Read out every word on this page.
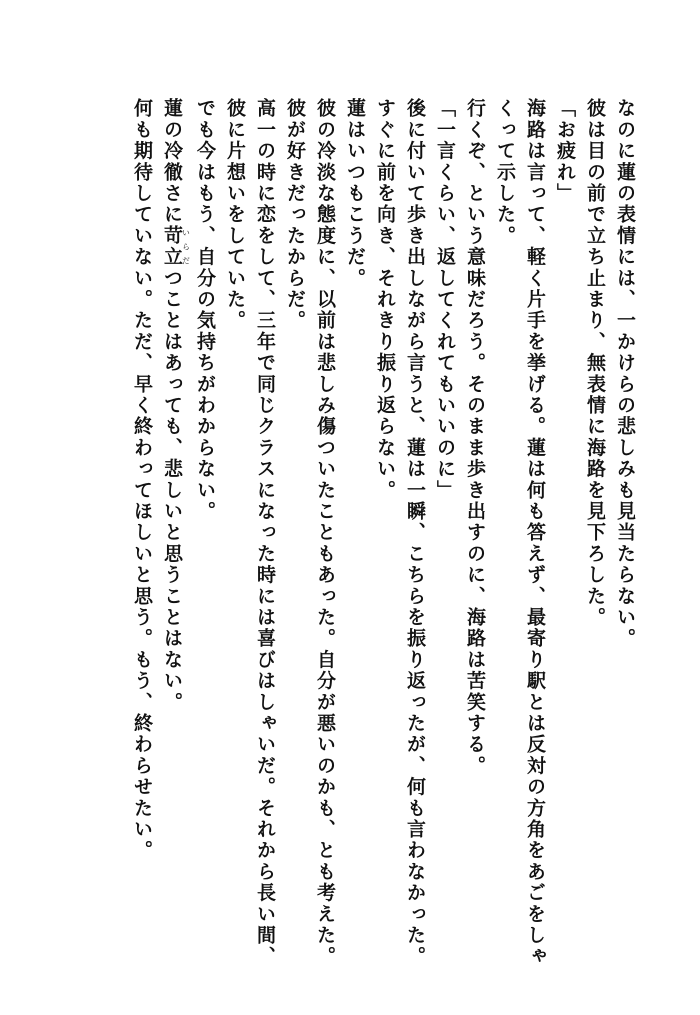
なのに蓮の表情には、一かけらの悲しみも見当たらない。
彼は目の前で立ち止まり、無表情に海路を見下ろした。
「お疲れ」
海路は言って、軽く片手を挙げる。蓮は何も答えず、最寄り駅とは反対の方角をあごをしゃ
くって示した。
行くぞ、という意味だろう。そのまま歩き出すのに、海路は苦笑する。
「一言くらい、返してくれてもいいのに」
後に付いて歩き出しながら言うと、蓮は一瞬、こちらを振り返ったが、何も言わなかった。
すぐに前を向き、それきり振り返らない。
蓮はいつもこうだ。
彼の冷淡な態度に、以前は悲しみ傷ついたこともあった。自分が悪いのかも、とも考えた。
彼が好きだったからだ。
高一の時に恋をして、三年で同じクラスになった時には喜びはしゃいだ。それから長い間、
彼に片想いをしていた。
でも今はもう、自分の気持ちがわからない。
蓮の冷徹さに苛立いらだつことはあっても、悲しいと思うことはない。
何も期待していない。ただ、早く終わってほしいと思う。もう、終わらせたい。
